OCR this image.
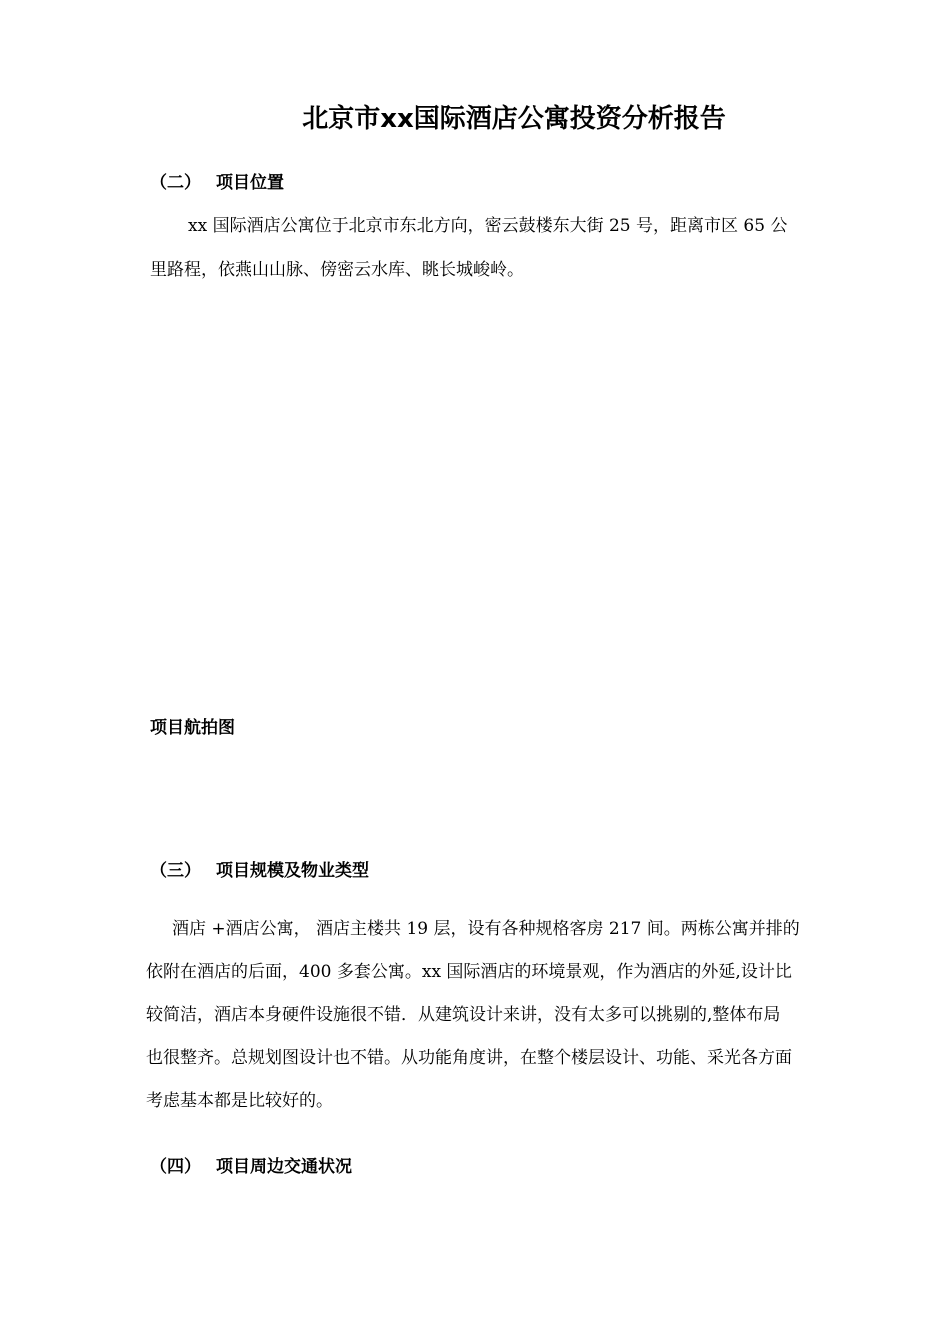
北京市xx国际酒店公寓投资分析报告
（二） 项目位置
xx 国际酒店公寓位于北京市东北方向，密云鼓楼东大街 25 号，距离市区 65 公
里路程，依燕山山脉、傍密云水库、眺长城峻岭。
项目航拍图
（三） 项目规模及物业类型
酒店 +酒店公寓， 酒店主楼共 19 层，设有各种规格客房 217 间。两栋公寓并排的
依附在酒店的后面，400 多套公寓。xx 国际酒店的环境景观，作为酒店的外延,设计比
较简洁，酒店本身硬件设施很不错．从建筑设计来讲，没有太多可以挑剔的,整体布局
也很整齐。总规划图设计也不错。从功能角度讲，在整个楼层设计、功能、采光各方面
考虑基本都是比较好的。
（四） 项目周边交通状况
